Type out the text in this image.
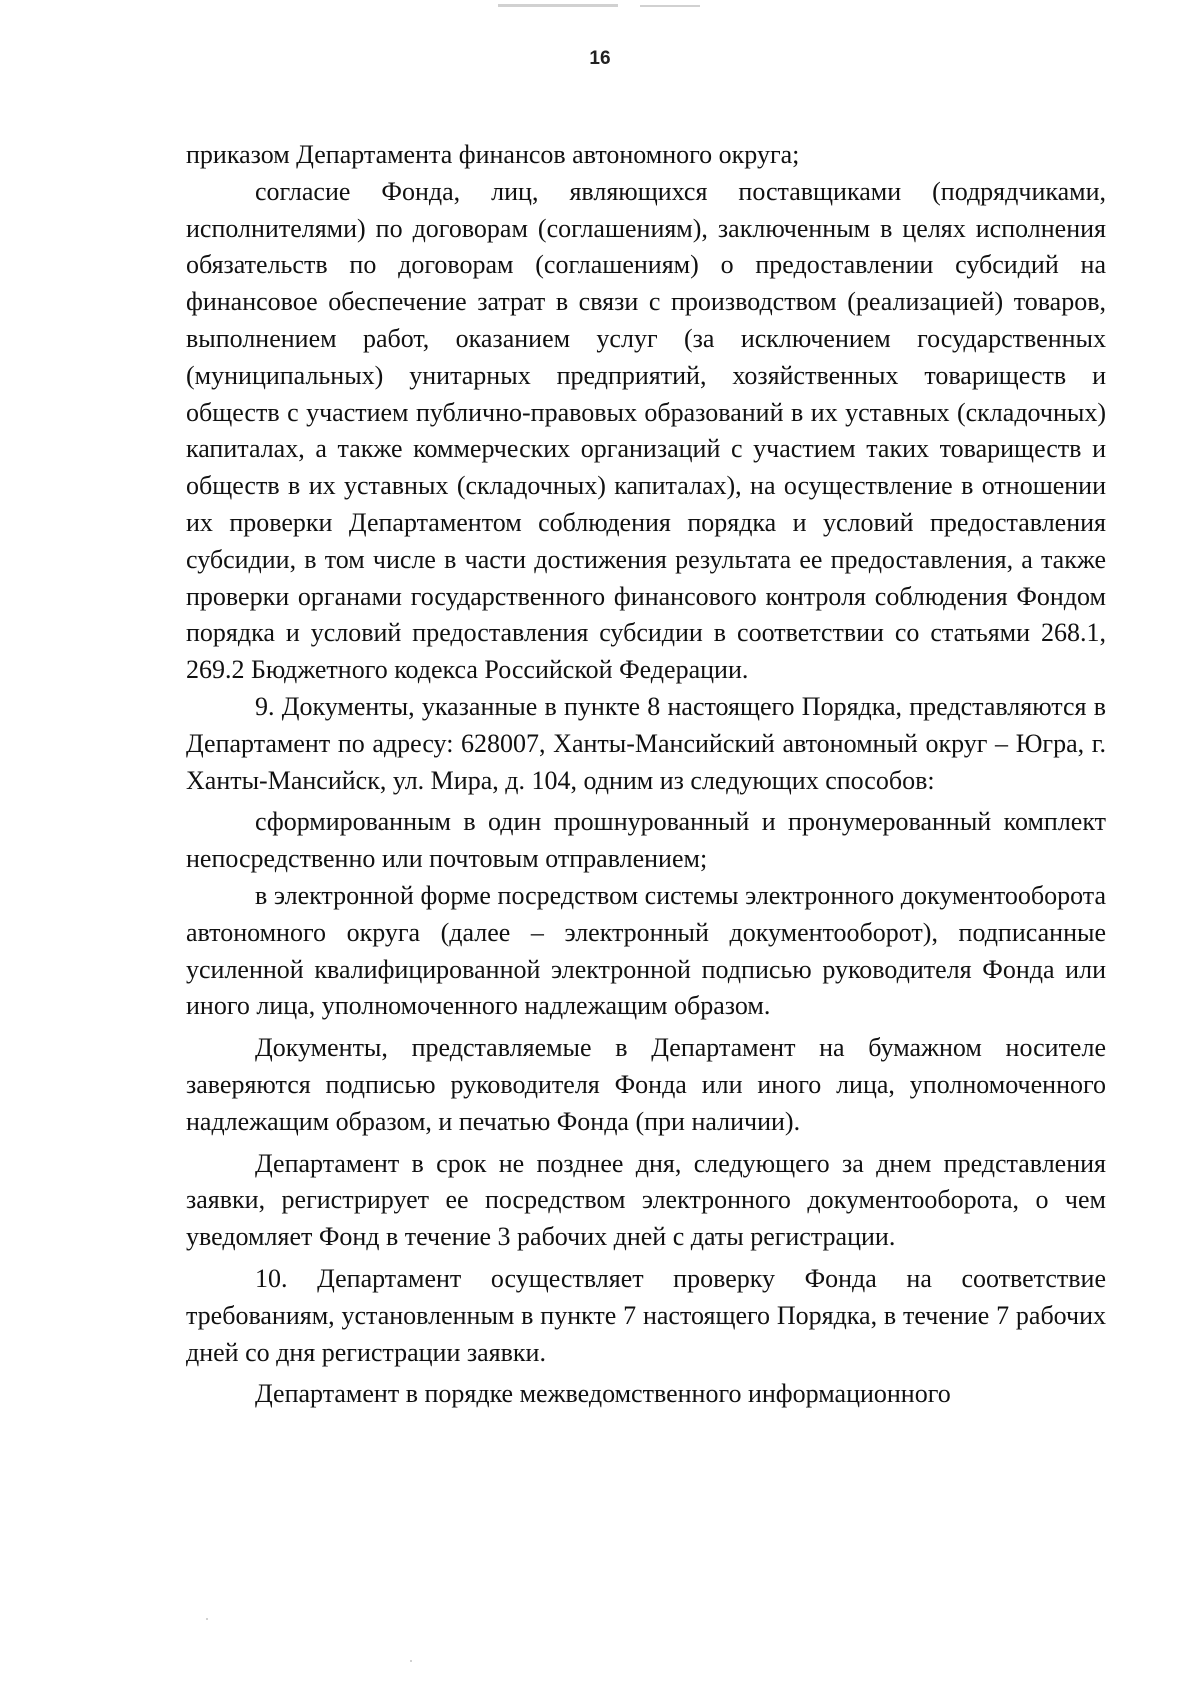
16

приказом Департамента финансов автономного округа;

согласие Фонда, лиц, являющихся поставщиками (подрядчиками, исполнителями) по договорам (соглашениям), заключенным в целях исполнения обязательств по договорам (соглашениям) о предоставлении субсидий на финансовое обеспечение затрат в связи с производством (реализацией) товаров, выполнением работ, оказанием услуг (за исключением государственных (муниципальных) унитарных предприятий, хозяйственных товариществ и обществ с участием публично-правовых образований в их уставных (складочных) капиталах, а также коммерческих организаций с участием таких товариществ и обществ в их уставных (складочных) капиталах), на осуществление в отношении их проверки Департаментом соблюдения порядка и условий предоставления субсидии, в том числе в части достижения результата ее предоставления, а также проверки органами государственного финансового контроля соблюдения Фондом порядка и условий предоставления субсидии в соответствии со статьями 268.1, 269.2 Бюджетного кодекса Российской Федерации.

9. Документы, указанные в пункте 8 настоящего Порядка, представляются в Департамент по адресу: 628007, Ханты-Мансийский автономный округ – Югра, г. Ханты-Мансийск, ул. Мира, д. 104, одним из следующих способов:

сформированным в один прошнурованный и пронумерованный комплект непосредственно или почтовым отправлением;

в электронной форме посредством системы электронного документооборота автономного округа (далее – электронный документооборот), подписанные усиленной квалифицированной электронной подписью руководителя Фонда или иного лица, уполномоченного надлежащим образом.

Документы, представляемые в Департамент на бумажном носителе заверяются подписью руководителя Фонда или иного лица, уполномоченного надлежащим образом, и печатью Фонда (при наличии).

Департамент в срок не позднее дня, следующего за днем представления заявки, регистрирует ее посредством электронного документооборота, о чем уведомляет Фонд в течение 3 рабочих дней с даты регистрации.

10. Департамент осуществляет проверку Фонда на соответствие требованиям, установленным в пункте 7 настоящего Порядка, в течение 7 рабочих дней со дня регистрации заявки.

Департамент в порядке межведомственного информационного
